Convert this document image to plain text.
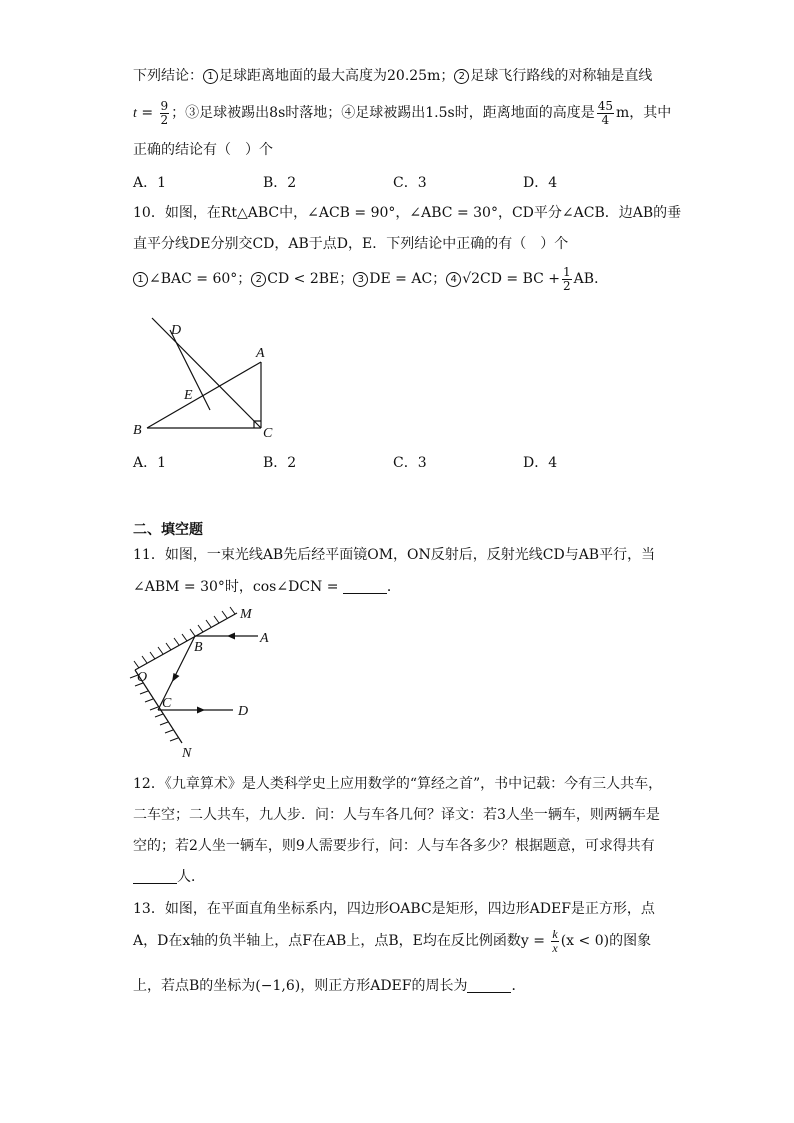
下列结论： 1 足球距离地面的最大高度为20.25m； 2 足球飞行路线的对称轴是直线
$t = \frac{9}{2}$ ；③足球被踢出8s时落地；④足球被踢出1.5s时，距离地面的高度是 $\frac{45}{4}$ m，其中
正确的结论有（　）个
A．1	B．2	C．3	D．4
10．如图，在Rt△ABC中，∠ACB = 90°，∠ABC = 30°，CD平分∠ACB．边AB的垂
直平分线DE分别交CD，AB于点D，E．下列结论中正确的有（　）个
1 ∠BAC = 60°； 2 CD < 2BE； 3 DE = AC； 4 √2CD = BC + $\frac{1}{2}$ AB．
D
A
E
B	C
A．1	B．2	C．3	D．4
二、填空题
11．如图，一束光线AB先后经平面镜OM，ON反射后，反射光线CD与AB平行，当
∠ABM = 30°时，cos∠DCN =	．
M
A
B
O
C
D
N
12．《九章算术》是人类科学史上应用数学的“算经之首”，书中记载：今有三人共车，
二车空；二人共车，九人步．问：人与车各几何？译文：若3人坐一辆车，则两辆车是
空的；若2人坐一辆车，则9人需要步行，问：人与车各多少？根据题意，可求得共有
人．
13．如图，在平面直角坐标系内，四边形OABC是矩形，四边形ADEF是正方形，点
A，D在x轴的负半轴上，点F在AB上，点B，E均在反比例函数$y = \frac{k}{x} (x < 0)$的图象
上，若点B的坐标为(−1,6)，则正方形ADEF的周长为	．
